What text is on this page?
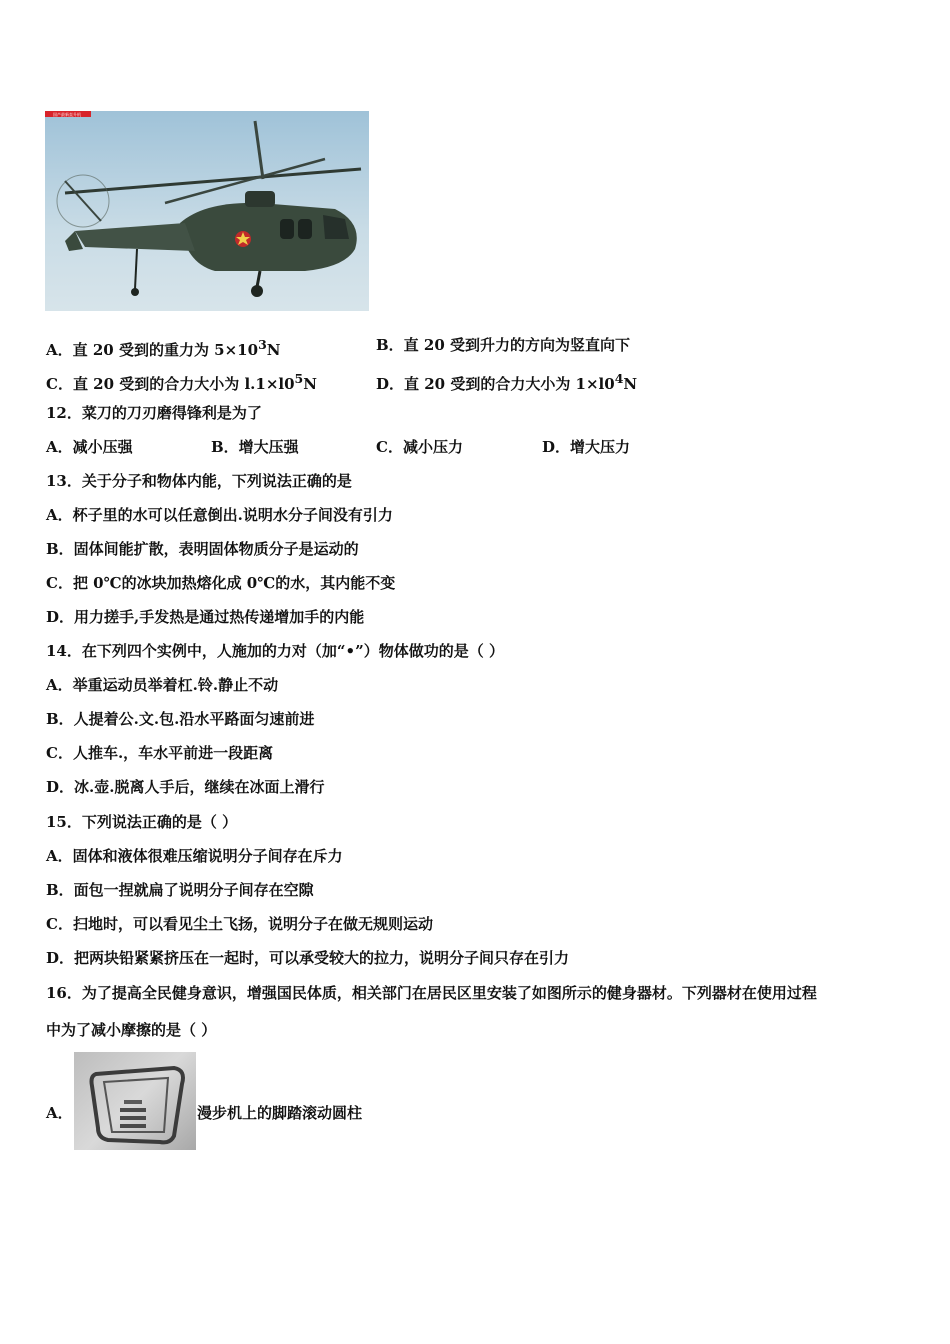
国产最新直升机
A．直 20 受到的重力为 $5\times 10^3N$	B．直 20 受到升力的方向为竖直向下
C．直 20 受到的合力大小为 $l.1\times l0^5N$	D．直 20 受到的合力大小为 $1\times l0^4N$
12．菜刀的刀刃磨得锋利是为了
A．减小压强	B．增大压强	C．减小压力	D．增大压力
13．关于分子和物体内能，下列说法正确的是
A．杯子里的水可以任意倒出.说明水分子间没有引力
B．固体间能扩散，表明固体物质分子是运动的
C．把 0℃的冰块加热熔化成 0℃的水，其内能不变
D．用力搓手,手发热是通过热传递增加手的内能
14．在下列四个实例中，人施加的力对（加“•”）物体做功的是（ ）
A．举重运动员举着杠.铃.静止不动
B．人提着公.文.包.沿水平路面匀速前进
C．人推车.，车水平前进一段距离
D．冰.壶.脱离人手后，继续在冰面上滑行
15．下列说法正确的是（ ）
A．固体和液体很难压缩说明分子间存在斥力
B．面包一捏就扁了说明分子间存在空隙
C．扫地时，可以看见尘土飞扬，说明分子在做无规则运动
D．把两块铅紧紧挤压在一起时，可以承受较大的拉力，说明分子间只存在引力
16．为了提高全民健身意识，增强国民体质，相关部门在居民区里安装了如图所示的健身器材。下列器材在使用过程
中为了减小摩擦的是（ ）
A．	漫步机上的脚踏滚动圆柱
